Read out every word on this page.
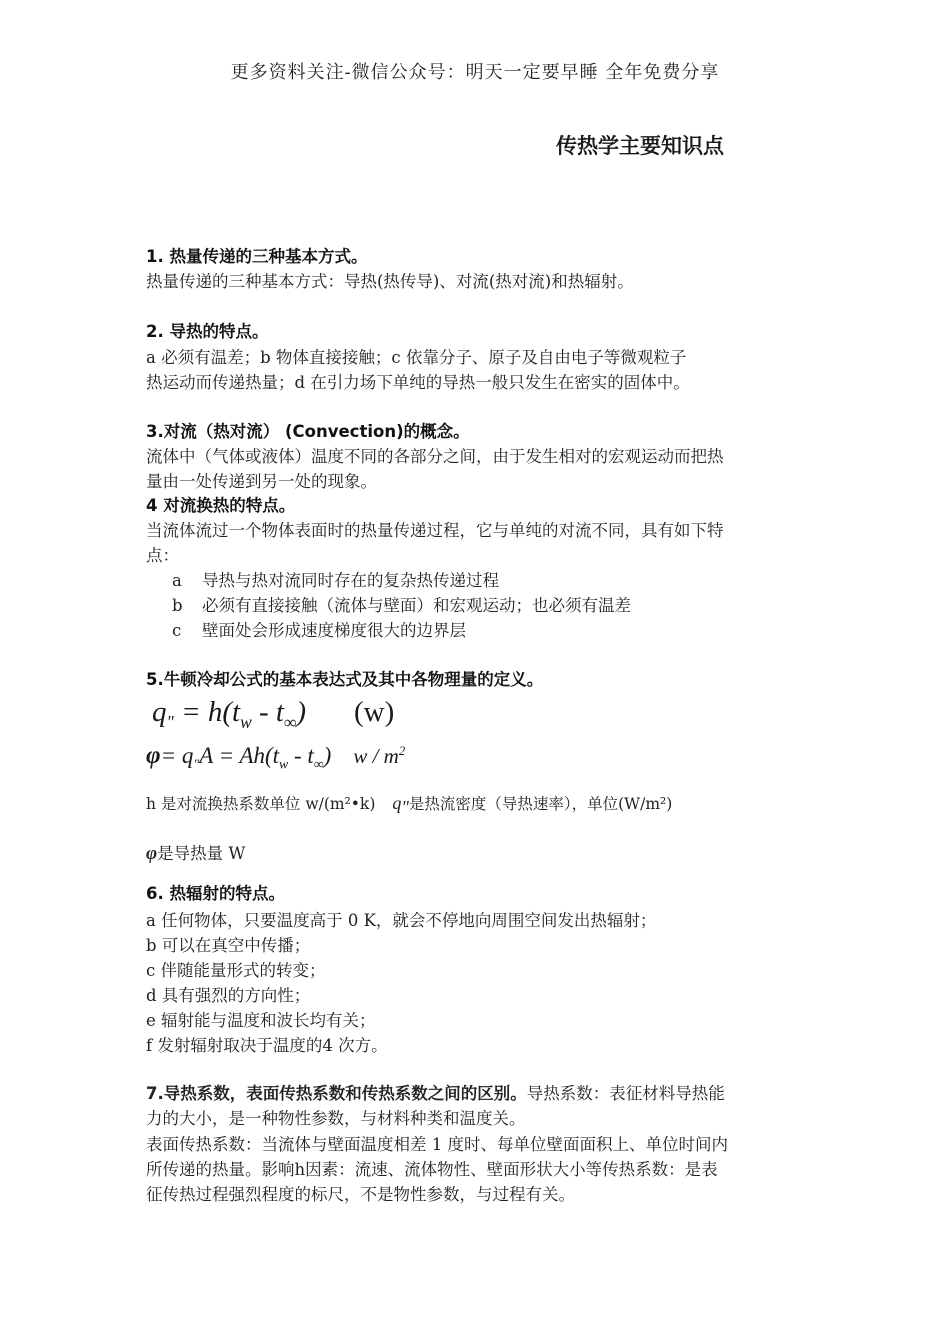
更多资料关注-微信公众号：明天一定要早睡 全年免费分享
传热学主要知识点
1. 热量传递的三种基本方式。
热量传递的三种基本方式：导热(热传导)、对流(热对流)和热辐射。
2. 导热的特点。
a 必须有温差；b 物体直接接触；c 依靠分子、原子及自由电子等微观粒子
热运动而传递热量；d 在引力场下单纯的导热一般只发生在密实的固体中。
3.对流（热对流） (Convection)的概念。
流体中（气体或液体）温度不同的各部分之间，由于发生相对的宏观运动而把热
量由一处传递到另一处的现象。
4 对流换热的特点。
当流体流过一个物体表面时的热量传递过程，它与单纯的对流不同，具有如下特
点：
a 导热与热对流同时存在的复杂热传递过程
b 必须有直接接触（流体与壁面）和宏观运动；也必须有温差
c 壁面处会形成速度梯度很大的边界层
5.牛顿冷却公式的基本表达式及其中各物理量的定义。
$q_" = h(t_w - t_\infty)$ (w)
$\varphi= q_"A = Ah(t_w - t_\infty)$ w / $m^2$
h 是对流换热系数单位 w/(m²•k) $q_"$是热流密度（导热速率），单位(W/m²)
φ是导热量 W
6. 热辐射的特点。
a 任何物体，只要温度高于 0 K，就会不停地向周围空间发出热辐射；
b 可以在真空中传播；
c 伴随能量形式的转变；
d 具有强烈的方向性；
e 辐射能与温度和波长均有关；
f 发射辐射取决于温度的4 次方。
7.导热系数，表面传热系数和传热系数之间的区别。导热系数：表征材料导热能
力的大小，是一种物性参数，与材料种类和温度关。
表面传热系数：当流体与壁面温度相差 1 度时、每单位壁面面积上、单位时间内
所传递的热量。影响h因素：流速、流体物性、壁面形状大小等传热系数：是表
征传热过程强烈程度的标尺，不是物性参数，与过程有关。
